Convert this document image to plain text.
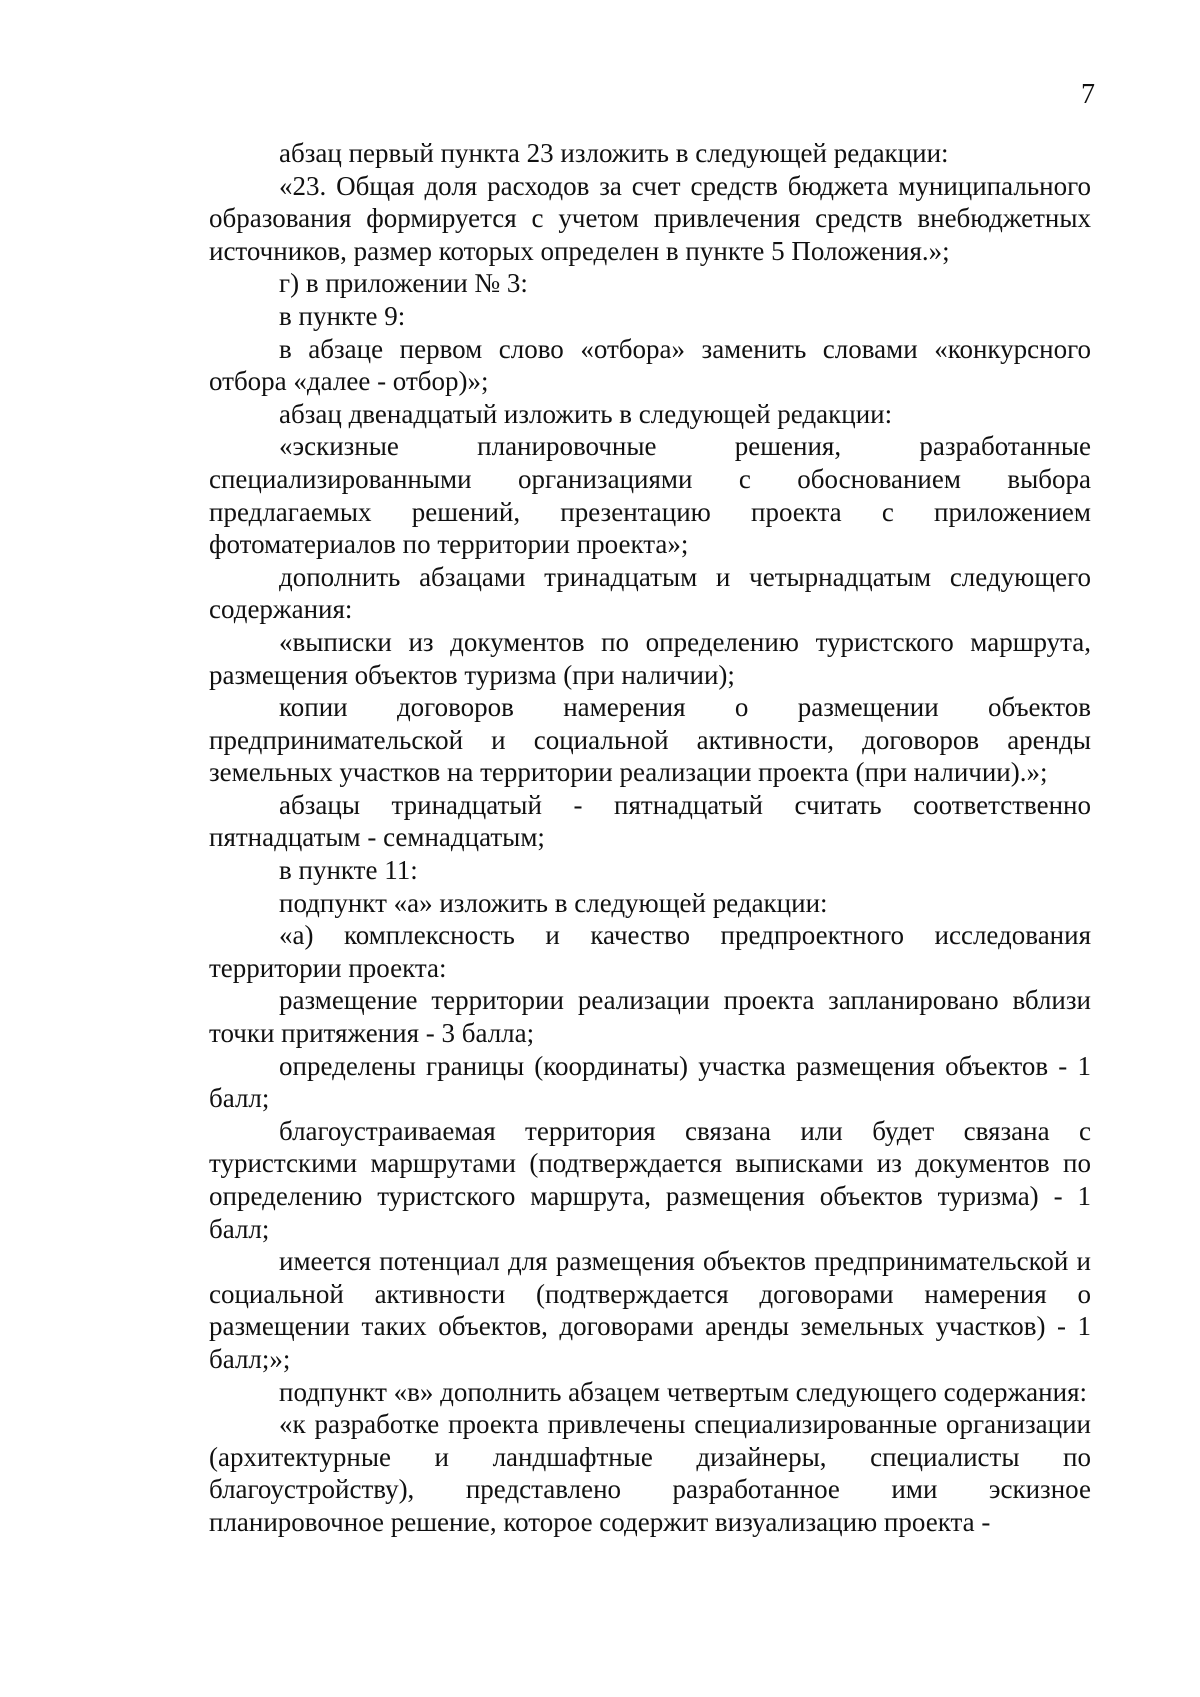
7

абзац первый пункта 23 изложить в следующей редакции:

«23. Общая доля расходов за счет средств бюджета муниципального образования формируется с учетом привлечения средств внебюджетных источников, размер которых определен в пункте 5 Положения.»;

г) в приложении № 3:

в пункте 9:

в абзаце первом слово «отбора» заменить словами «конкурсного отбора «далее - отбор)»;

абзац двенадцатый изложить в следующей редакции:

«эскизные планировочные решения, разработанные специализированными организациями с обоснованием выбора предлагаемых решений, презентацию проекта с приложением фотоматериалов по территории проекта»;

дополнить абзацами тринадцатым и четырнадцатым следующего содержания:

«выписки из документов по определению туристского маршрута, размещения объектов туризма (при наличии);

копии договоров намерения о размещении объектов предпринимательской и социальной активности, договоров аренды земельных участков на территории реализации проекта (при наличии).»;

абзацы тринадцатый - пятнадцатый считать соответственно пятнадцатым - семнадцатым;

в пункте 11:

подпункт «а» изложить в следующей редакции:

«а) комплексность и качество предпроектного исследования территории проекта:

размещение территории реализации проекта запланировано вблизи точки притяжения - 3 балла;

определены границы (координаты) участка размещения объектов - 1 балл;

благоустраиваемая территория связана или будет связана с туристскими маршрутами (подтверждается выписками из документов по определению туристского маршрута, размещения объектов туризма) - 1 балл;

имеется потенциал для размещения объектов предпринимательской и социальной активности (подтверждается договорами намерения о размещении таких объектов, договорами аренды земельных участков) - 1 балл;»;

подпункт «в» дополнить абзацем четвертым следующего содержания:

«к разработке проекта привлечены специализированные организации (архитектурные и ландшафтные дизайнеры, специалисты по благоустройству), представлено разработанное ими эскизное планировочное решение, которое содержит визуализацию проекта -
